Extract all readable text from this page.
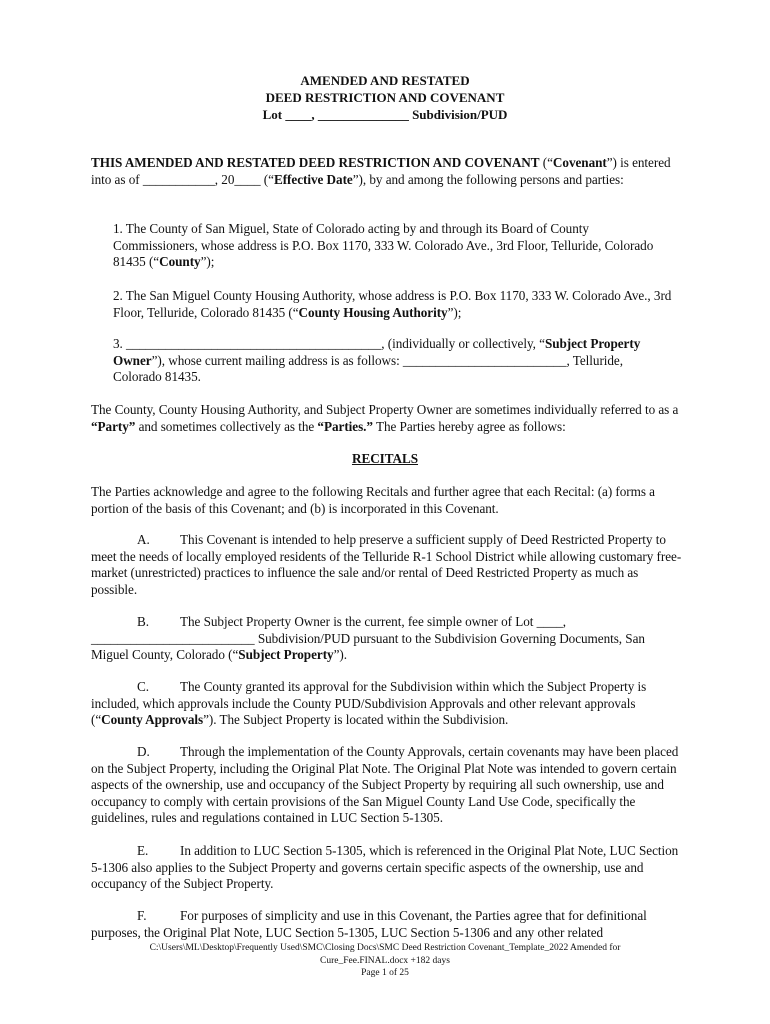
AMENDED AND RESTATED
DEED RESTRICTION AND COVENANT
Lot ____, ______________ Subdivision/PUD
THIS AMENDED AND RESTATED DEED RESTRICTION AND COVENANT (“Covenant”) is entered into as of ___________, 20____ (“Effective Date”), by and among the following persons and parties:
1. The County of San Miguel, State of Colorado acting by and through its Board of County Commissioners, whose address is P.O. Box 1170, 333 W. Colorado Ave., 3rd Floor, Telluride, Colorado 81435 (“County”);
2. The San Miguel County Housing Authority, whose address is P.O. Box 1170, 333 W. Colorado Ave., 3rd Floor, Telluride, Colorado 81435 (“County Housing Authority”);
3. _______________________________________, (individually or collectively, “Subject Property Owner”), whose current mailing address is as follows: _________________________, Telluride, Colorado 81435.
The County, County Housing Authority, and Subject Property Owner are sometimes individually referred to as a “Party” and sometimes collectively as the “Parties.” The Parties hereby agree as follows:
RECITALS
The Parties acknowledge and agree to the following Recitals and further agree that each Recital: (a) forms a portion of the basis of this Covenant; and (b) is incorporated in this Covenant.
A. This Covenant is intended to help preserve a sufficient supply of Deed Restricted Property to meet the needs of locally employed residents of the Telluride R-1 School District while allowing customary free-market (unrestricted) practices to influence the sale and/or rental of Deed Restricted Property as much as possible.
B. The Subject Property Owner is the current, fee simple owner of Lot ____, _________________________ Subdivision/PUD pursuant to the Subdivision Governing Documents, San Miguel County, Colorado (“Subject Property”).
C. The County granted its approval for the Subdivision within which the Subject Property is included, which approvals include the County PUD/Subdivision Approvals and other relevant approvals (“County Approvals”). The Subject Property is located within the Subdivision.
D. Through the implementation of the County Approvals, certain covenants may have been placed on the Subject Property, including the Original Plat Note. The Original Plat Note was intended to govern certain aspects of the ownership, use and occupancy of the Subject Property by requiring all such ownership, use and occupancy to comply with certain provisions of the San Miguel County Land Use Code, specifically the guidelines, rules and regulations contained in LUC Section 5-1305.
E. In addition to LUC Section 5-1305, which is referenced in the Original Plat Note, LUC Section 5-1306 also applies to the Subject Property and governs certain specific aspects of the ownership, use and occupancy of the Subject Property.
F.	For purposes of simplicity and use in this Covenant, the Parties agree that for definitional purposes, the Original Plat Note, LUC Section 5-1305, LUC Section 5-1306 and any other related
C:\Users\ML\Desktop\Frequently Used\SMC\Closing Docs\SMC Deed Restriction Covenant_Template_2022 Amended for
Cure_Fee.FINAL.docx +182 days
Page 1 of 25
